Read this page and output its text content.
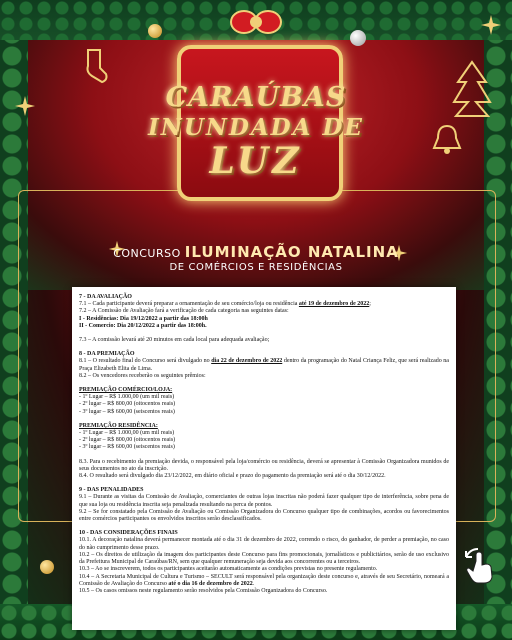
CARAÚBAS
INUNDADA DE
LUZ
CONCURSO ILUMINAÇÃO NATALINA
DE COMÉRCIOS E RESIDÊNCIAS

7 - DA AVALIAÇÃO

7.1 – Cada participante deverá preparar a ornamentação de seu comércio/loja ou residência até 19 de dezembro de 2022;

7.2 – A Comissão de Avaliação fará a verificação de cada categoria nas seguintes datas:

I - Residências: Dia 19/12/2022 a partir das 18:00h

II - Comercio: Dia 20/12/2022 a partir das 18:00h.

7.3 – A comissão levará até 20 minutos em cada local para adequada avaliação;

8 - DA PREMIAÇÃO

8.1 – O resultado final do Concurso será divulgado no dia 22 de dezembro de 2022 dentro da programação do Natal Criança Feliz, que será realizado na Praça Elizabeth Elita de Lima.

8.2 – Os vencedores receberão os seguintes prêmios:

PREMIAÇÃO COMÉRCIO/LOJA:

- 1º Lugar – R$ 1.000,00 (um mil reais)

- 2º lugar – R$ 800,00 (oitocentos reais)

- 3º lugar – R$ 600,00 (seiscentos reais)

PREMIAÇÃO RESIDÊNCIA:

- 1º Lugar – R$ 1.000,00 (um mil reais)

- 2º lugar – R$ 800,00 (oitocentos reais)

- 3º lugar – R$ 600,00 (seiscentos reais)

8.3. Para o recebimento da premiação devida, o responsável pela loja/comércio ou residência, deverá se apresentar à Comissão Organizadora munidos de seus documentos no ato da inscrição.

8.4. O resultado será divulgado dia 23/12/2022, em diário oficial e prazo do pagamento da premiação será até o dia 30/12/2022.

9 - DAS PENALIDADES

9.1 – Durante as visitas da Comissão de Avaliação, comerciantes de outras lojas inscritas não poderá fazer qualquer tipo de interferência, sobre pena de que sua loja ou residência inscrita seja penalizada resultando na perca de pontos.

9.2 – Se for constatado pela Comissão de Avaliação ou Comissão Organizadora do Concurso qualquer tipo de combinações, acordos ou favorecimentos entre comércios participantes os envolvidos inscritos serão desclassificados.

10 - DAS CONSIDERAÇÕES FINAIS

10.1. A decoração natalina deverá permanecer montada até o dia 31 de dezembro de 2022, correndo o risco, do ganhador, de perder a premiação, no caso do não cumprimento desse prazo.

10.2 – Os direitos de utilização da imagem dos participantes deste Concurso para fins promocionais, jornalísticos e publicitários, serão de uso exclusivo da Prefeitura Municipal de Caraúbas/RN, sem que qualquer remuneração seja devida aos concorrentes ou a terceiros.

10.3 – Ao se inscreverem, todos os participantes aceitarão automaticamente as condições previstas no presente regulamento.

10.4 – A Secretaria Municipal de Cultura e Turismo – SECULT será responsável pela organização deste concurso e, através de seu Secretário, nomeará a Comissão de Avaliação do Concurso até o dia 16 de dezembro de 2022.

10.5 – Os casos omissos neste regulamento serão resolvidos pela Comissão Organizadora do Concurso.
